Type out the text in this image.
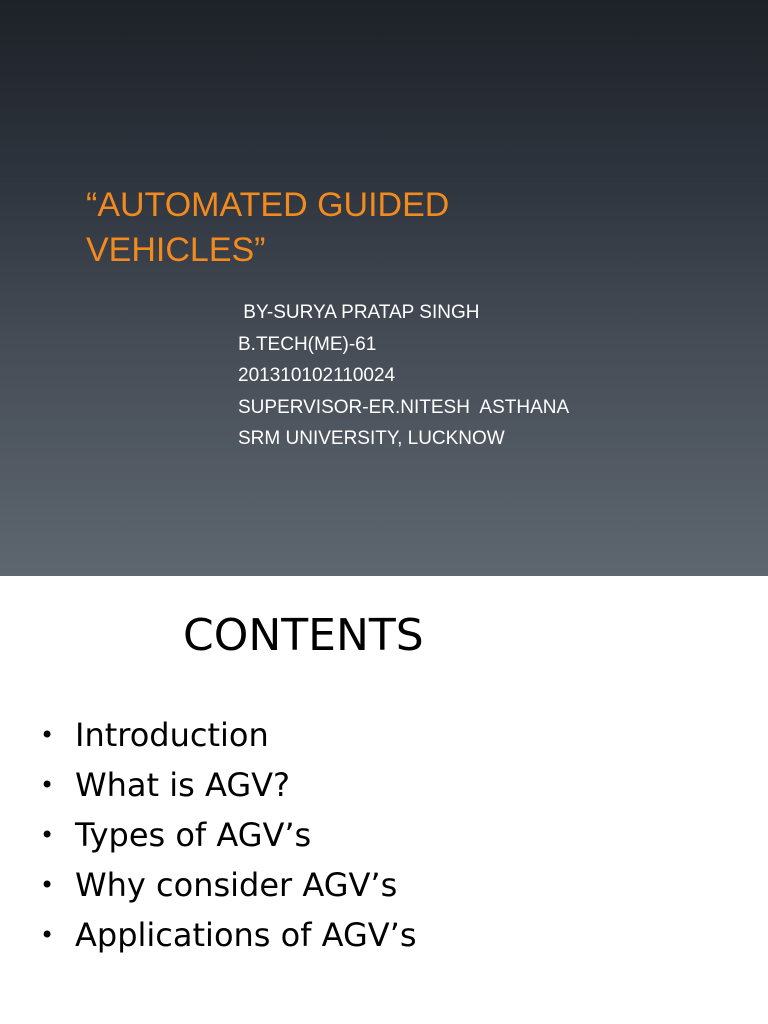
“AUTOMATED GUIDED
VEHICLES”
BY-SURYA PRATAP SINGH
B.TECH(ME)-61
201310102110024
SUPERVISOR-ER.NITESH  ASTHANA
SRM UNIVERSITY, LUCKNOW
CONTENTS
• Introduction
• What is AGV?
• Types of AGV’s
• Why consider AGV’s
• Applications of AGV’s
